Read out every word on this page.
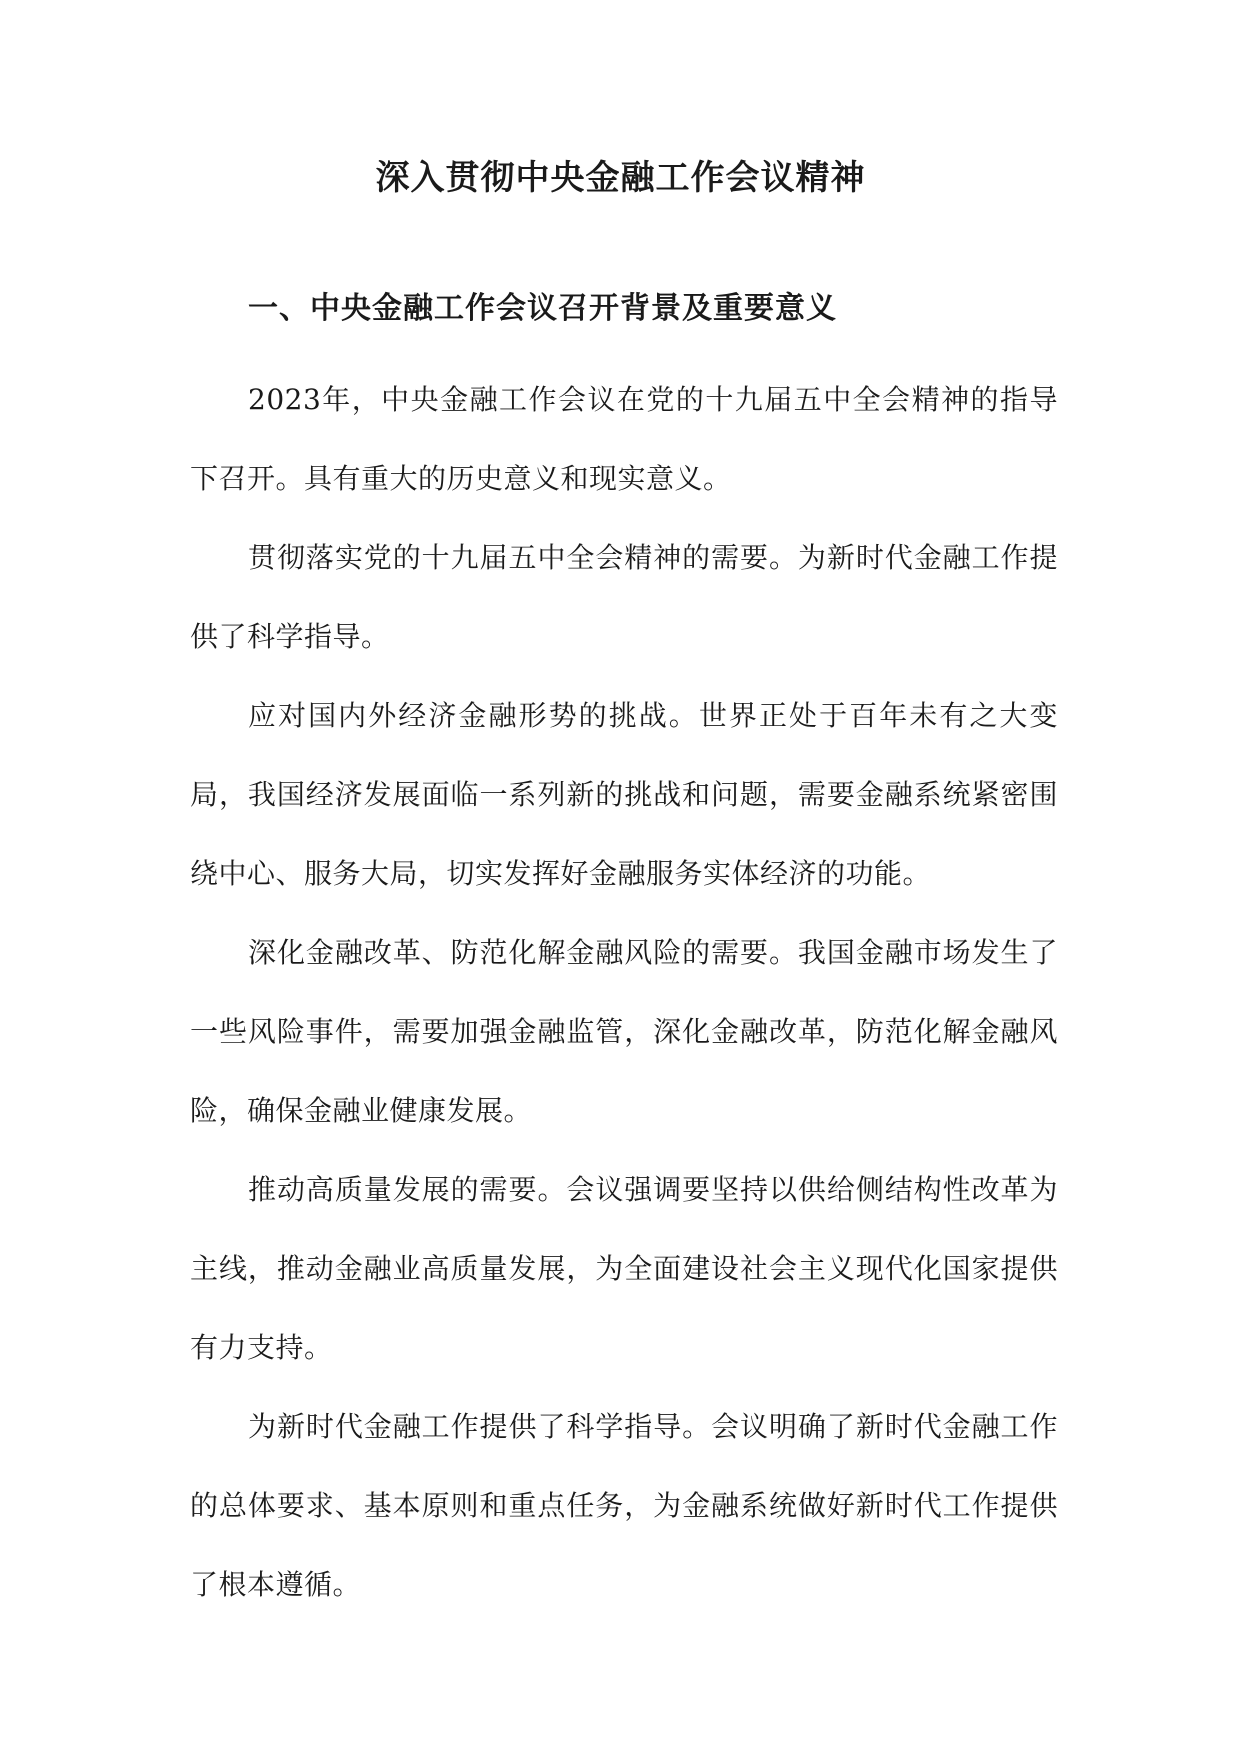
深入贯彻中央金融工作会议精神
一、中央金融工作会议召开背景及重要意义

2023年，中央金融工作会议在党的十九届五中全会精神的指导下召开。具有重大的历史意义和现实意义。

贯彻落实党的十九届五中全会精神的需要。为新时代金融工作提供了科学指导。

应对国内外经济金融形势的挑战。世界正处于百年未有之大变局，我国经济发展面临一系列新的挑战和问题，需要金融系统紧密围绕中心、服务大局，切实发挥好金融服务实体经济的功能。

深化金融改革、防范化解金融风险的需要。我国金融市场发生了一些风险事件，需要加强金融监管，深化金融改革，防范化解金融风险，确保金融业健康发展。

推动高质量发展的需要。会议强调要坚持以供给侧结构性改革为主线，推动金融业高质量发展，为全面建设社会主义现代化国家提供有力支持。

为新时代金融工作提供了科学指导。会议明确了新时代金融工作的总体要求、基本原则和重点任务，为金融系统做好新时代工作提供了根本遵循。
